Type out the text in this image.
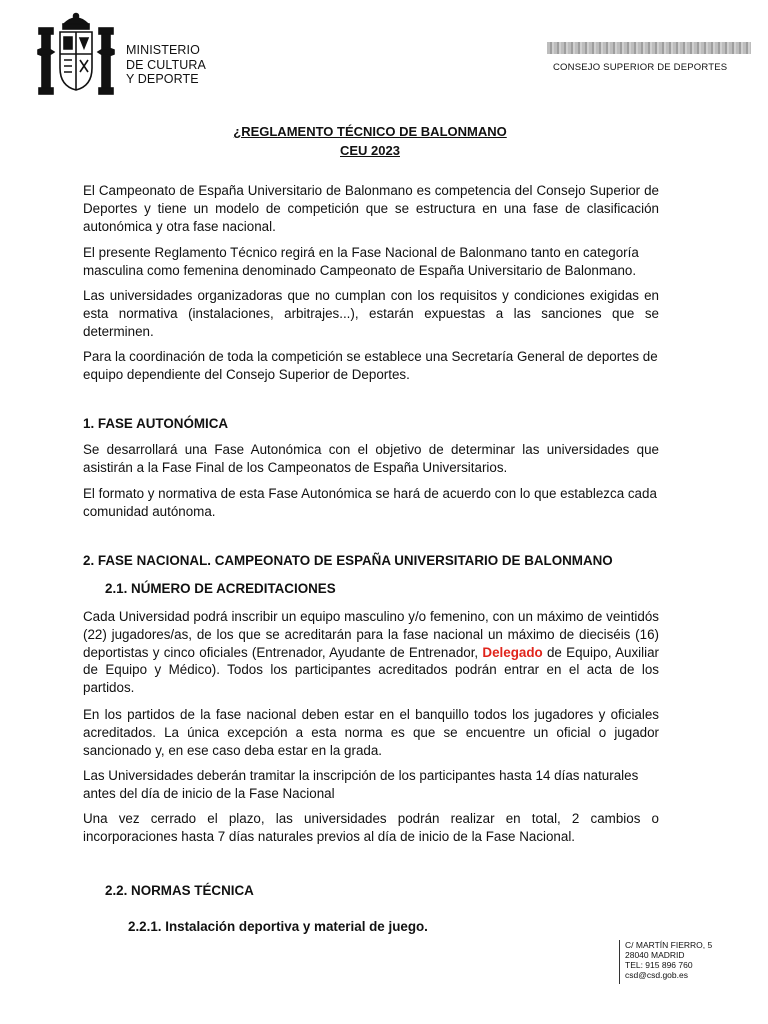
MINISTERIO
DE CULTURA
Y DEPORTE
CONSEJO SUPERIOR DE DEPORTES
¿REGLAMENTO TÉCNICO DE BALONMANO
CEU 2023

El Campeonato de España Universitario de Balonmano es competencia del Consejo Superior de Deportes y tiene un modelo de competición que se estructura en una fase de clasificación autonómica y otra fase nacional.

El presente Reglamento Técnico regirá en la Fase Nacional de Balonmano tanto en categoría masculina como femenina denominado Campeonato de España Universitario de Balonmano.

Las universidades organizadoras que no cumplan con los requisitos y condiciones exigidas en esta normativa (instalaciones, arbitrajes...), estarán expuestas a las sanciones que se determinen.

Para la coordinación de toda la competición se establece una Secretaría General de deportes de equipo dependiente del Consejo Superior de Deportes.

1. FASE AUTONÓMICA

Se desarrollará una Fase Autonómica con el objetivo de determinar las universidades que asistirán a la Fase Final de los Campeonatos de España Universitarios.

El formato y normativa de esta Fase Autonómica se hará de acuerdo con lo que establezca cada comunidad autónoma.

2. FASE NACIONAL. CAMPEONATO DE ESPAÑA UNIVERSITARIO DE BALONMANO
2.1. NÚMERO DE ACREDITACIONES

Cada Universidad podrá inscribir un equipo masculino y/o femenino, con un máximo de veintidós (22) jugadores/as, de los que se acreditarán para la fase nacional un máximo de dieciséis (16) deportistas y cinco oficiales (Entrenador, Ayudante de Entrenador, Delegado de Equipo, Auxiliar de Equipo y Médico). Todos los participantes acreditados podrán entrar en el acta de los partidos.

En los partidos de la fase nacional deben estar en el banquillo todos los jugadores y oficiales acreditados. La única excepción a esta norma es que se encuentre un oficial o jugador sancionado y, en ese caso deba estar en la grada.

Las Universidades deberán tramitar la inscripción de los participantes hasta 14 días naturales antes del día de inicio de la Fase Nacional

Una vez cerrado el plazo, las universidades podrán realizar en total, 2 cambios o incorporaciones hasta 7 días naturales previos al día de inicio de la Fase Nacional.

2.2. NORMAS TÉCNICA
2.2.1. Instalación deportiva y material de juego.
C/ MARTÍN FIERRO, 5
28040 MADRID
TEL: 915 896 760
csd@csd.gob.es
